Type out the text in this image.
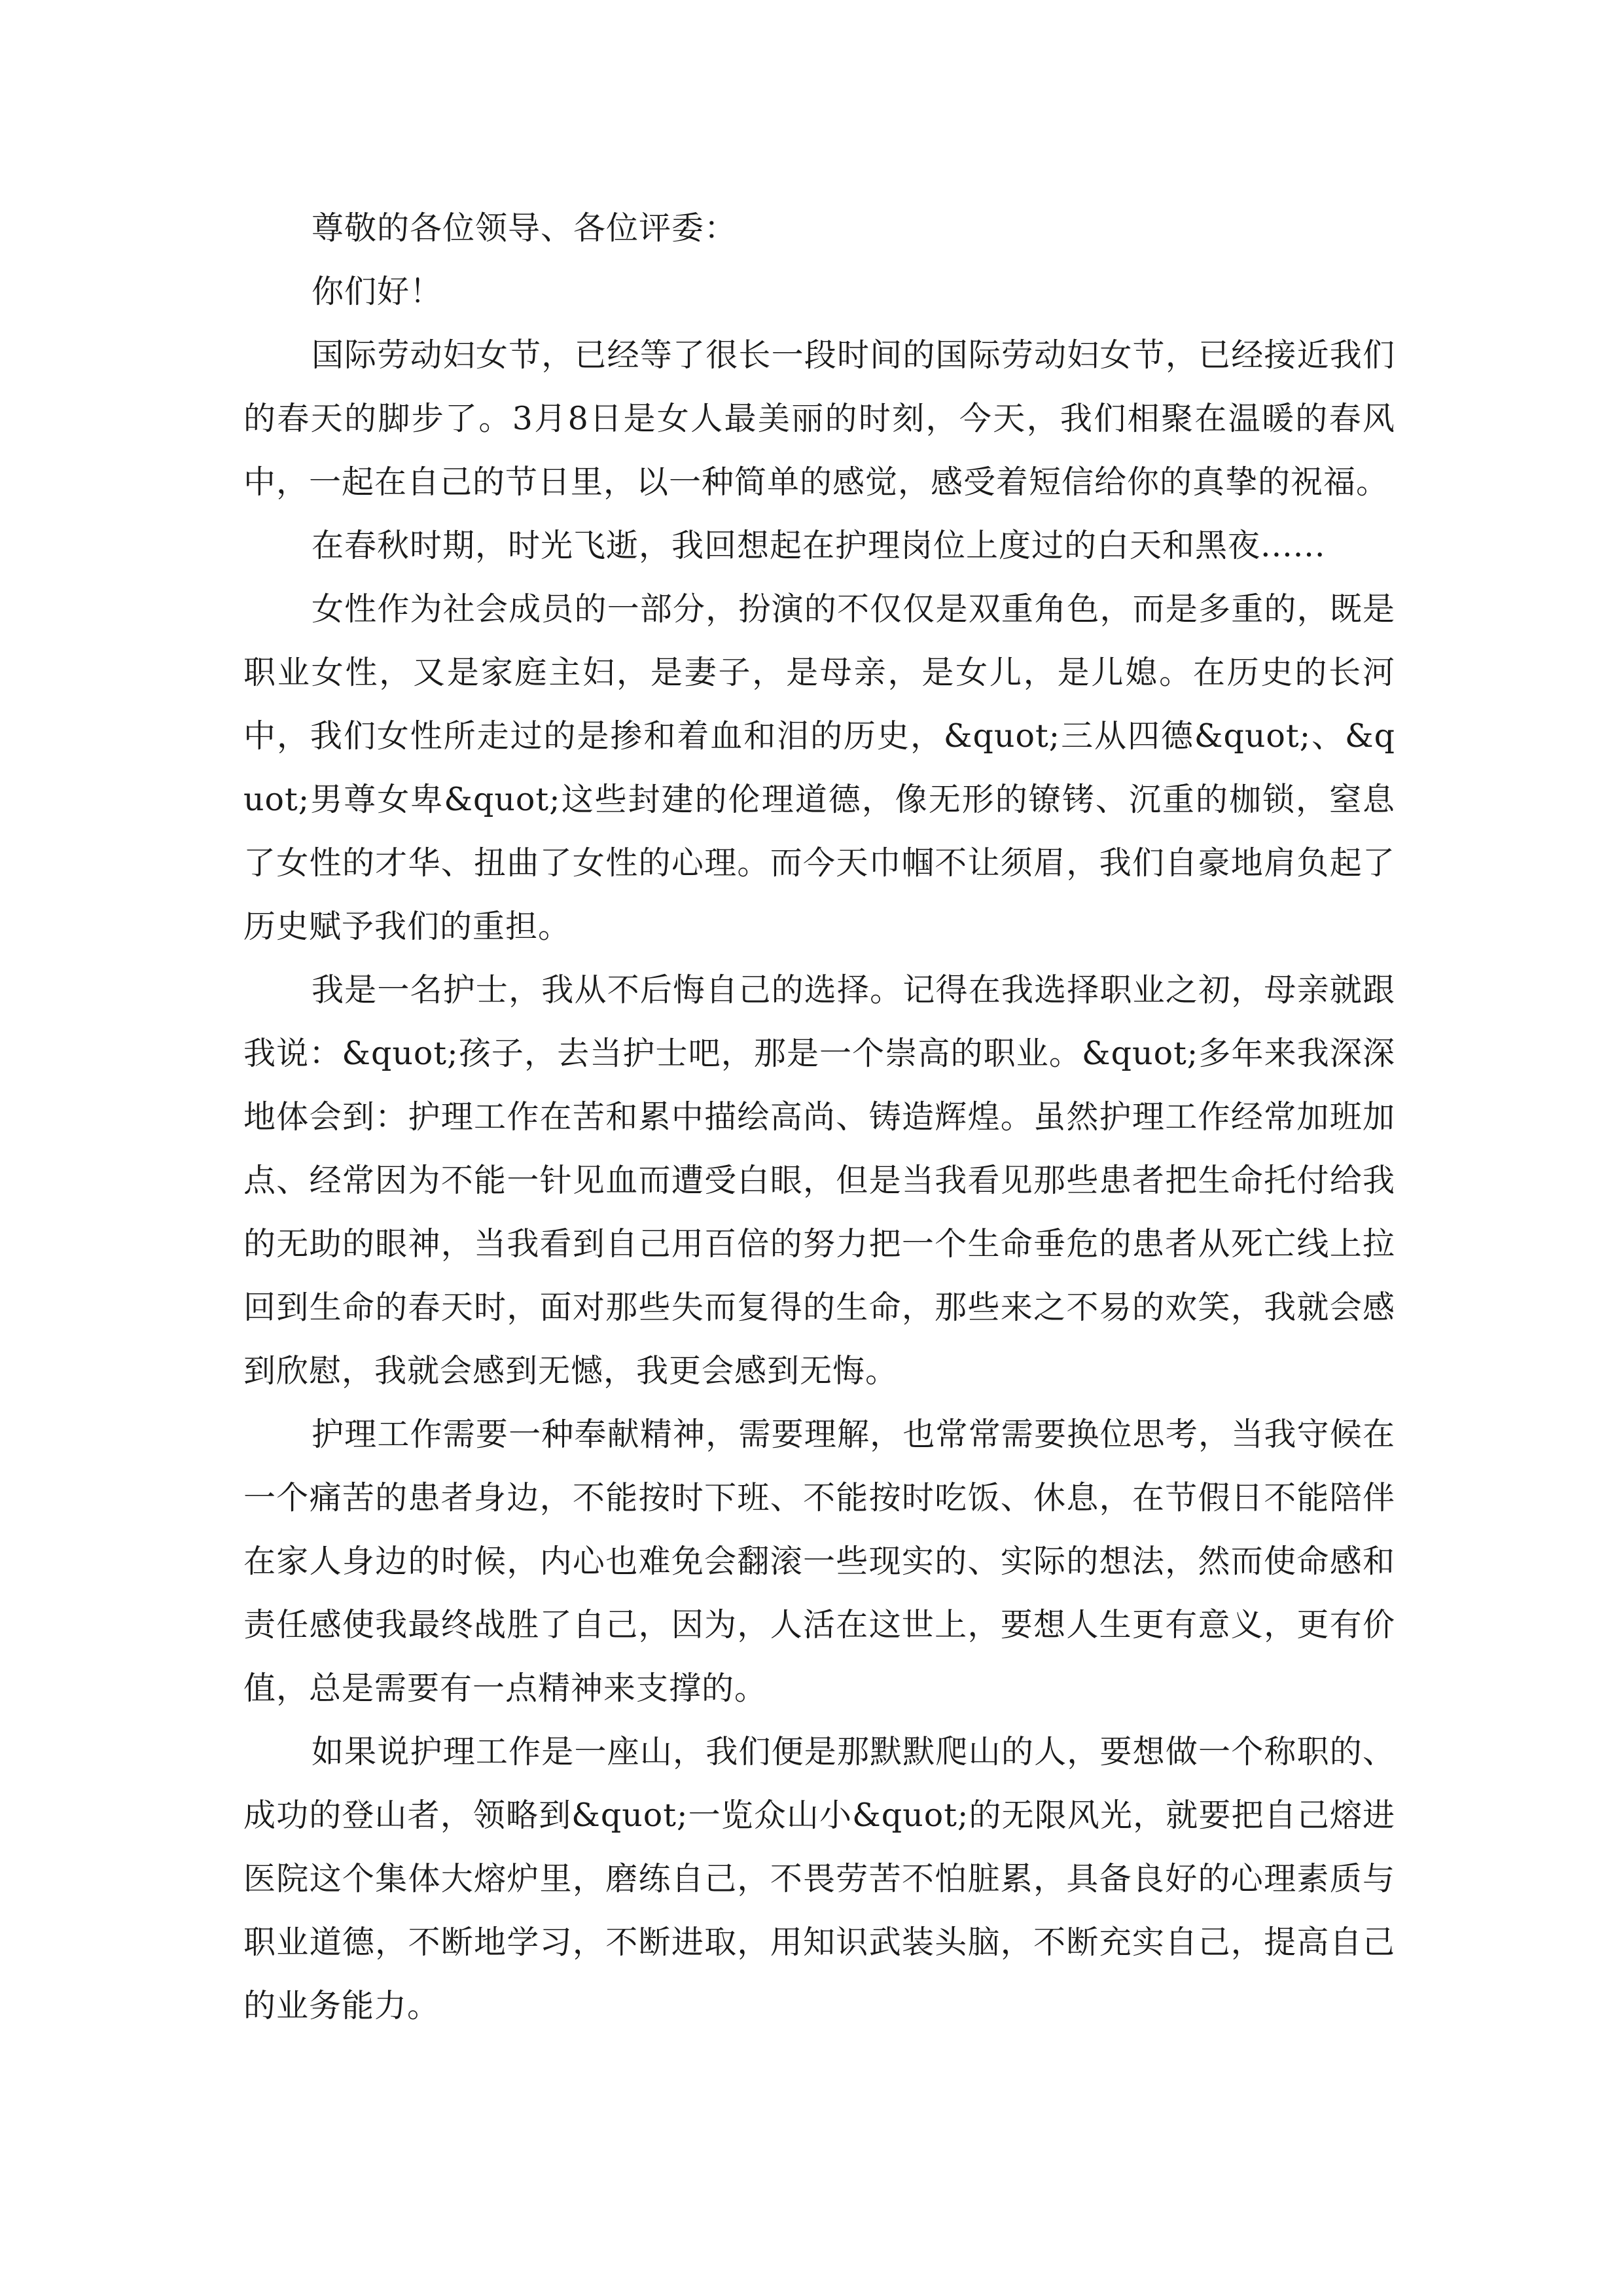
尊敬的各位领导、各位评委：

你们好！

国际劳动妇女节，已经等了很长一段时间的国际劳动妇女节，已经接近我们的春天的脚步了。3月8日是女人最美丽的时刻，今天，我们相聚在温暖的春风中，一起在自己的节日里，以一种简单的感觉，感受着短信给你的真挚的祝福。

在春秋时期，时光飞逝，我回想起在护理岗位上度过的白天和黑夜......

女性作为社会成员的一部分，扮演的不仅仅是双重角色，而是多重的，既是职业女性，又是家庭主妇，是妻子，是母亲，是女儿，是儿媳。在历史的长河中，我们女性所走过的是掺和着血和泪的历史，&quot;三从四德&quot;、&quot;男尊女卑&quot;这些封建的伦理道德，像无形的镣铐、沉重的枷锁，窒息了女性的才华、扭曲了女性的心理。而今天巾帼不让须眉，我们自豪地肩负起了历史赋予我们的重担。

我是一名护士，我从不后悔自己的选择。记得在我选择职业之初，母亲就跟我说：&quot;孩子，去当护士吧，那是一个崇高的职业。&quot;多年来我深深地体会到：护理工作在苦和累中描绘高尚、铸造辉煌。虽然护理工作经常加班加点、经常因为不能一针见血而遭受白眼，但是当我看见那些患者把生命托付给我的无助的眼神，当我看到自己用百倍的努力把一个生命垂危的患者从死亡线上拉回到生命的春天时，面对那些失而复得的生命，那些来之不易的欢笑，我就会感到欣慰，我就会感到无憾，我更会感到无悔。

护理工作需要一种奉献精神，需要理解，也常常需要换位思考，当我守候在一个痛苦的患者身边，不能按时下班、不能按时吃饭、休息，在节假日不能陪伴在家人身边的时候，内心也难免会翻滚一些现实的、实际的想法，然而使命感和责任感使我最终战胜了自己，因为，人活在这世上，要想人生更有意义，更有价值，总是需要有一点精神来支撑的。

如果说护理工作是一座山，我们便是那默默爬山的人，要想做一个称职的、成功的登山者，领略到&quot;一览众山小&quot;的无限风光，就要把自己熔进医院这个集体大熔炉里，磨练自己，不畏劳苦不怕脏累，具备良好的心理素质与职业道德，不断地学习，不断进取，用知识武装头脑，不断充实自己，提高自己的业务能力。
